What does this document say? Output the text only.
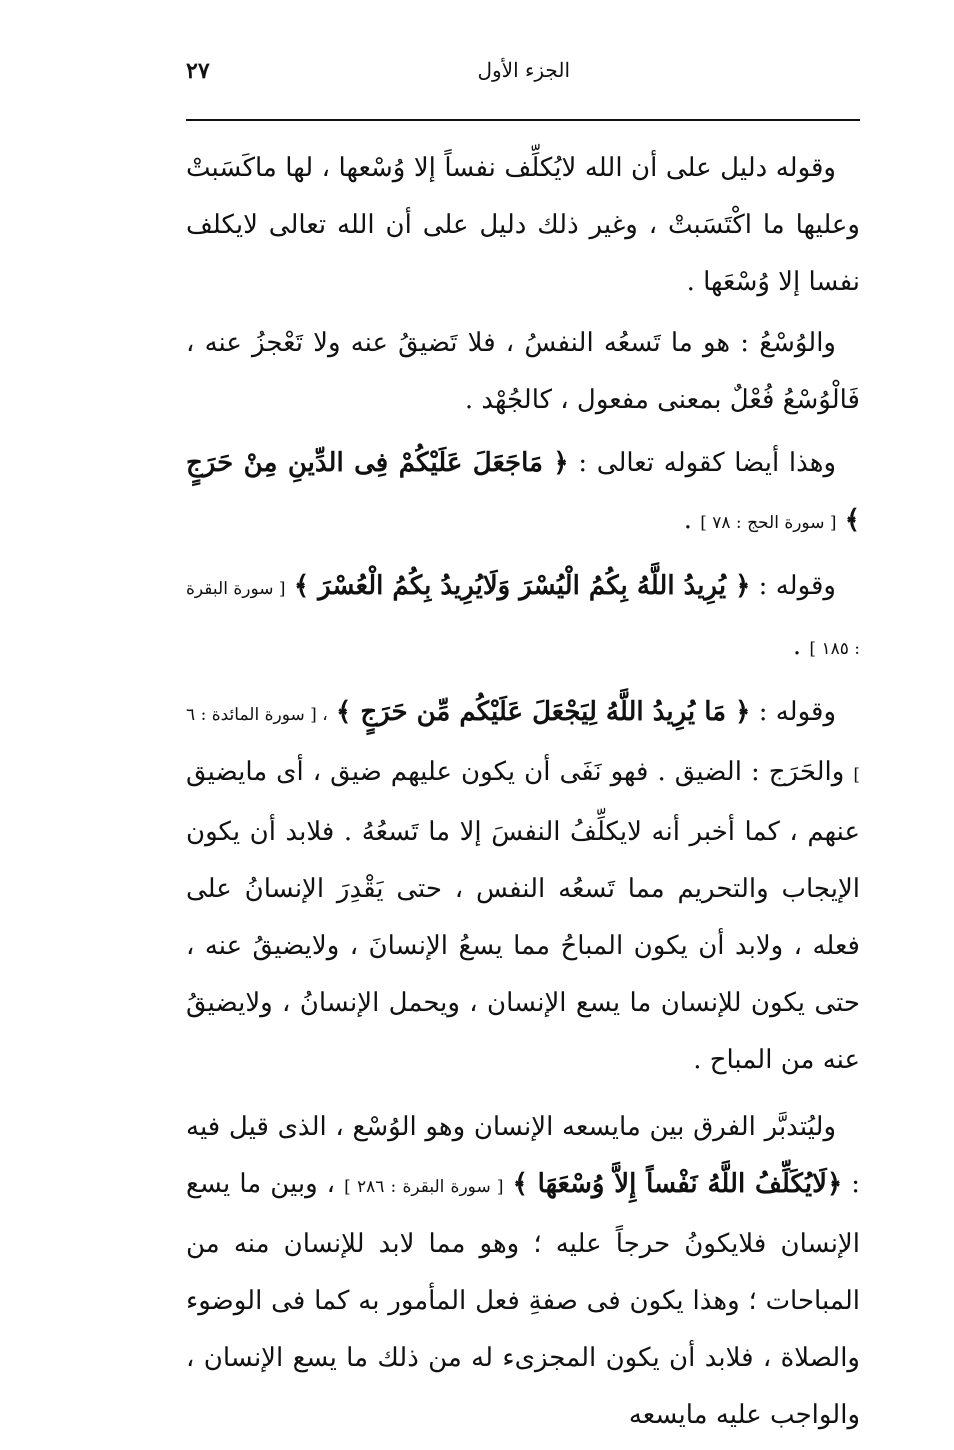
الجزء الأول
٢٧

وقوله دليل على أن الله لايُكلِّف نفساً إلا وُسْعها ، لها ماكَسَبتْ وعليها ما اكْتَسَبتْ ، وغير ذلك دليل على أن الله تعالى لايكلف نفسا إلا وُسْعَها .

والوُسْعُ : هو ما تَسعُه النفسُ ، فلا تَضيقُ عنه ولا تَعْجزُ عنه ، فَالْوُسْعُ فُعْلٌ بمعنى مفعول ، كالجُهْد .

وهذا أيضا كقوله تعالى : ﴿ مَاجَعَلَ عَلَيْكُمْ فِى الدِّينِ مِنْ حَرَجٍ ﴾ [ سورة الحج : ٧٨ ] .

وقوله : ﴿ يُرِيدُ اللَّهُ بِكُمُ الْيُسْرَ وَلَايُرِيدُ بِكُمُ الْعُسْرَ ﴾ [ سورة البقرة : ١٨٥ ] .

وقوله : ﴿ مَا يُرِيدُ اللَّهُ لِيَجْعَلَ عَلَيْكُم مِّن حَرَجٍ ﴾ ، [ سورة المائدة : ٦ ] والحَرَج : الضيق . فهو نَفَى أن يكون عليهم ضيق ، أى مايضيق عنهم ، كما أخبر أنه لايكلِّفُ النفسَ إلا ما تَسعُهُ . فلابد أن يكون الإيجاب والتحريم مما تَسعُه النفس ، حتى يَقْدِرَ الإنسانُ على فعله ، ولابد أن يكون المباحُ مما يسعُ الإنسانَ ، ولايضيقُ عنه ، حتى يكون للإنسان ما يسع الإنسان ، ويحمل الإنسانُ ، ولايضيقُ عنه من المباح .

وليُتدبَّر الفرق بين مايسعه الإنسان وهو الوُسْع ، الذى قيل فيه : ﴿لَايُكَلِّفُ اللَّهُ نَفْساً إِلاَّ وُسْعَهَا ﴾ [ سورة البقرة : ٢٨٦ ] ، وبين ما يسع الإنسان فلايكونُ حرجاً عليه ؛ وهو مما لابد للإنسان منه من المباحات ؛ وهذا يكون فى صفةِ فعل المأمور به كما فى الوضوء والصلاة ، فلابد أن يكون المجزىء له من ذلك ما يسع الإنسان ، والواجب عليه مايسعه
